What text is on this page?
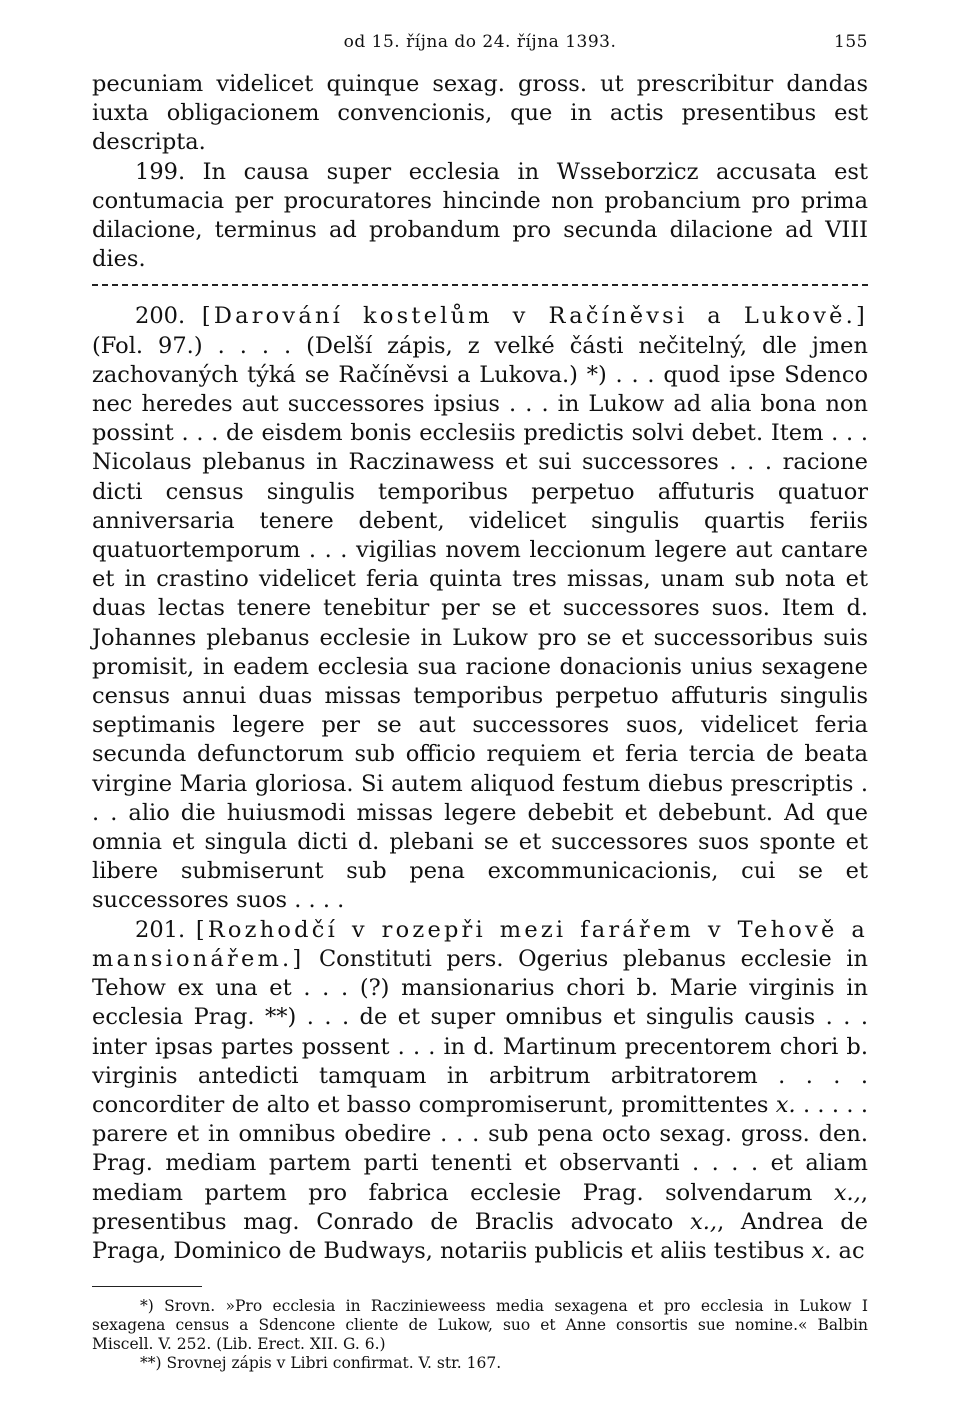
od 15. října do 24. října 1393.	155

pecuniam videlicet quinque sexag. gross. ut prescribitur dandas iuxta obligacionem convencionis, que in actis presentibus est descripta.

199. In causa super ecclesia in Wsseborzicz accusata est contumacia per procuratores hincinde non probancium pro prima dilacione, terminus ad probandum pro secunda dilacione ad VIII dies.

200. [Darování kostelům v Račíněvsi a Lukově.] (Fol. 97.) . . . . (Delší zápis, z velké části nečitelný, dle jmen zachovaných týká se Račíněvsi a Lukova.) *) . . . quod ipse Sdenco nec heredes aut successores ipsius . . . in Lukow ad alia bona non possint . . . de eisdem bonis ecclesiis predictis solvi debet. Item . . . Nicolaus plebanus in Raczinawess et sui successores . . . racione dicti census singulis temporibus perpetuo affuturis quatuor anniversaria tenere debent, videlicet singulis quartis feriis quatuortemporum . . . vigilias novem leccionum legere aut cantare et in crastino videlicet feria quinta tres missas, unam sub nota et duas lectas tenere tenebitur per se et successores suos. Item d. Johannes plebanus ecclesie in Lukow pro se et successoribus suis promisit, in eadem ecclesia sua racione donacionis unius sexagene census annui duas missas temporibus perpetuo affuturis singulis septimanis legere per se aut successores suos, videlicet feria secunda defunctorum sub officio requiem et feria tercia de beata virgine Maria gloriosa. Si autem aliquod festum diebus prescriptis . . . alio die huiusmodi missas legere debebit et debebunt. Ad que omnia et singula dicti d. plebani se et successores suos sponte et libere submiserunt sub pena excommunicacionis, cui se et successores suos . . . .

201. [Rozhodčí v rozepři mezi farářem v Tehově a mansionářem.] Constituti pers. Ogerius plebanus ecclesie in Tehow ex una et . . . (?) mansionarius chori b. Marie virginis in ecclesia Prag. **) . . . de et super omnibus et singulis causis . . . inter ipsas partes possent . . . in d. Martinum precentorem chori b. virginis antedicti tamquam in arbitrum arbitratorem . . . . concorditer de alto et basso compromiserunt, promittentes x. . . . . . parere et in omnibus obedire . . . sub pena octo sexag. gross. den. Prag. mediam partem parti tenenti et observanti . . . . et aliam mediam partem pro fabrica ecclesie Prag. solvendarum x.,, presentibus mag. Conrado de Braclis advocato x.,, Andrea de Praga, Dominico de Budways, notariis publicis et aliis testibus x. ac

*) Srovn. »Pro ecclesia in Raczinieweess media sexagena et pro ecclesia in Lukow I sexagena census a Sdencone cliente de Lukow, suo et Anne consortis sue nomine.« Balbin Miscell. V. 252. (Lib. Erect. XII. G. 6.)

**) Srovnej zápis v Libri confirmat. V. str. 167.
